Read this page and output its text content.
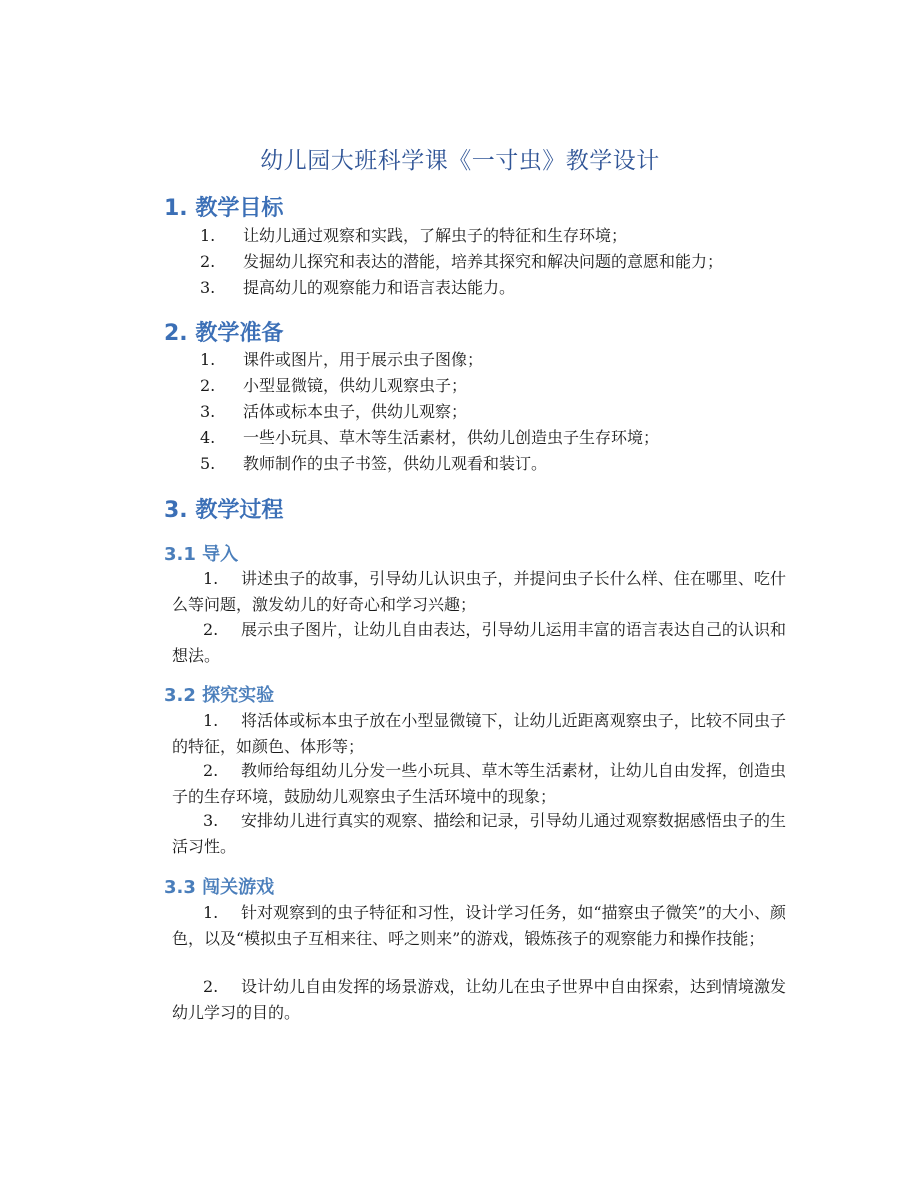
幼儿园大班科学课《一寸虫》教学设计
1. 教学目标
1. 让幼儿通过观察和实践，了解虫子的特征和生存环境；
2. 发掘幼儿探究和表达的潜能，培养其探究和解决问题的意愿和能力；
3. 提高幼儿的观察能力和语言表达能力。
2. 教学准备
1. 课件或图片，用于展示虫子图像；
2. 小型显微镜，供幼儿观察虫子；
3. 活体或标本虫子，供幼儿观察；
4. 一些小玩具、草木等生活素材，供幼儿创造虫子生存环境；
5. 教师制作的虫子书签，供幼儿观看和装订。
3. 教学过程
3.1 导入
1. 讲述虫子的故事，引导幼儿认识虫子，并提问虫子长什么样、住在哪里、吃什么等问题，激发幼儿的好奇心和学习兴趣；
2. 展示虫子图片，让幼儿自由表达，引导幼儿运用丰富的语言表达自己的认识和想法。
3.2 探究实验
1. 将活体或标本虫子放在小型显微镜下，让幼儿近距离观察虫子，比较不同虫子的特征，如颜色、体形等；
2. 教师给每组幼儿分发一些小玩具、草木等生活素材，让幼儿自由发挥，创造虫子的生存环境，鼓励幼儿观察虫子生活环境中的现象；
3. 安排幼儿进行真实的观察、描绘和记录，引导幼儿通过观察数据感悟虫子的生活习性。
3.3 闯关游戏
1. 针对观察到的虫子特征和习性，设计学习任务，如“描察虫子微笑”的大小、颜色，以及“模拟虫子互相来往、呼之则来”的游戏，锻炼孩子的观察能力和操作技能；
2. 设计幼儿自由发挥的场景游戏，让幼儿在虫子世界中自由探索，达到情境激发幼儿学习的目的。
